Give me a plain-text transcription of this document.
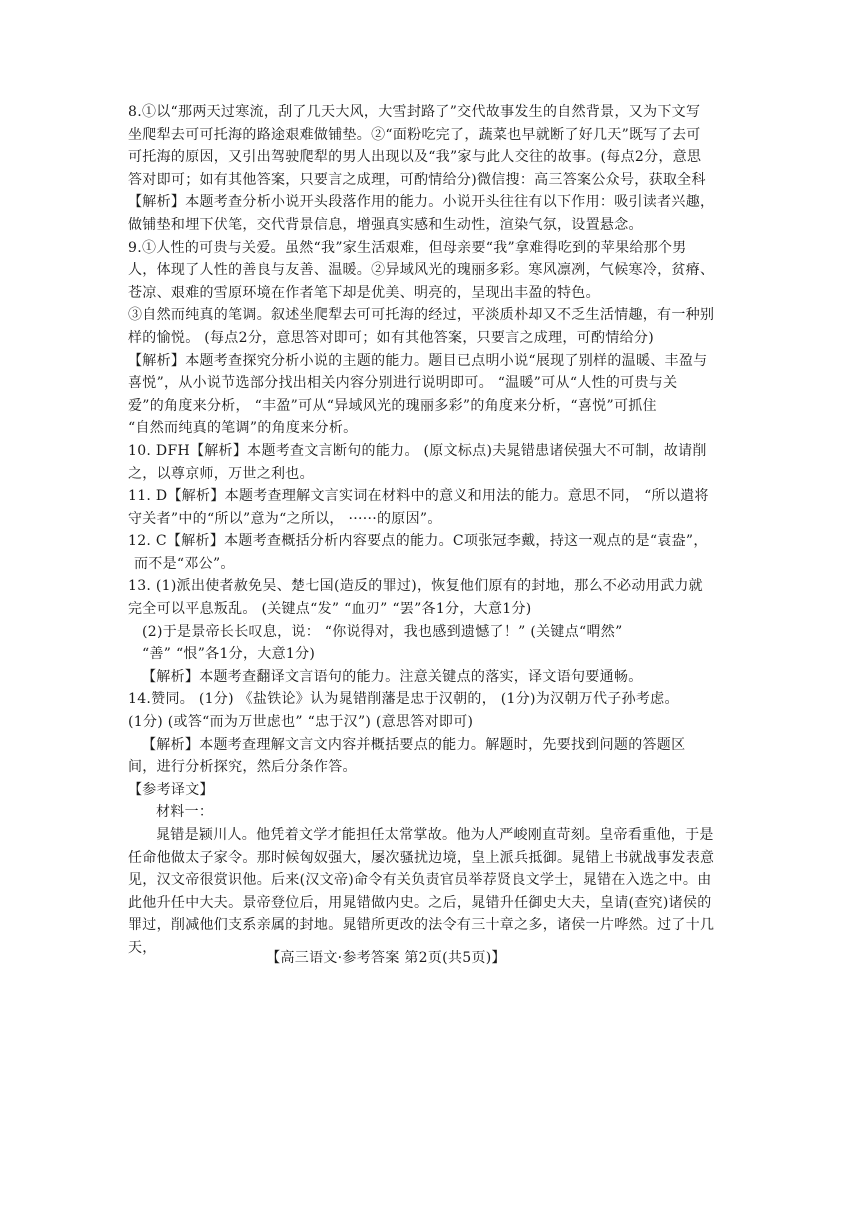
8.①以“那两天过寒流，刮了几天大风，大雪封路了”交代故事发生的自然背景，又为下文写
坐爬犁去可可托海的路途艰难做铺垫。②“面粉吃完了，蔬菜也早就断了好几天”既写了去可
可托海的原因，又引出驾驶爬犁的男人出现以及“我”家与此人交往的故事。(每点2分，意思
答对即可；如有其他答案，只要言之成理，可酌情给分)微信搜：高三答案公众号，获取全科
【解析】本题考查分析小说开头段落作用的能力。小说开头往往有以下作用：吸引读者兴趣，
做铺垫和埋下伏笔，交代背景信息，增强真实感和生动性，渲染气氛，设置悬念。
9.①人性的可贵与关爱。虽然“我”家生活艰难，但母亲要“我”拿难得吃到的苹果给那个男
人，体现了人性的善良与友善、温暖。②异域风光的瑰丽多彩。寒风凛冽，气候寒冷，贫瘠、
苍凉、艰难的雪原环境在作者笔下却是优美、明亮的，呈现出丰盈的特色。
③自然而纯真的笔调。叙述坐爬犁去可可托海的经过，平淡质朴却又不乏生活情趣，有一种别
样的愉悦。 (每点2分，意思答对即可；如有其他答案，只要言之成理，可酌情给分)
【解析】本题考查探究分析小说的主题的能力。题目已点明小说“展现了别样的温暖、丰盈与
喜悦”，从小说节选部分找出相关内容分别进行说明即可。 “温暖”可从“人性的可贵与关
爱”的角度来分析， “丰盈”可从“异域风光的瑰丽多彩”的角度来分析，“喜悦”可抓住
“自然而纯真的笔调”的角度来分析。
10. DFH【解析】本题考查文言断句的能力。 (原文标点)夫晁错患诸侯强大不可制，故请削
之，以尊京师，万世之利也。
11. D【解析】本题考查理解文言实词在材料中的意义和用法的能力。意思不同， “所以遣将
守关者”中的“所以”意为“之所以， ······的原因”。
12. C【解析】本题考查概括分析内容要点的能力。C项张冠李戴，持这一观点的是“袁盎”，
而不是“邓公”。
13. (1)派出使者赦免吴、楚七国(造反的罪过)，恢复他们原有的封地，那么不必动用武力就
完全可以平息叛乱。 (关键点“发” “血刃” “罢”各1分，大意1分)
(2)于是景帝长长叹息，说： “你说得对，我也感到遗憾了！” (关键点“喟然”
“善” “恨”各1分，大意1分)
【解析】本题考查翻译文言语句的能力。注意关键点的落实，译文语句要通畅。
14.赞同。 (1分) 《盐铁论》认为晁错削藩是忠于汉朝的， (1分)为汉朝万代子孙考虑。
(1分) (或答“而为万世虑也” “忠于汉”) (意思答对即可)
【解析】本题考查理解文言文内容并概括要点的能力。解题时，先要找到问题的答题区
间，进行分析探究，然后分条作答。
【参考译文】
材料一：
晁错是颍川人。他凭着文学才能担任太常掌故。他为人严峻刚直苛刻。皇帝看重他，于是
任命他做太子家令。那时候匈奴强大，屡次骚扰边境，皇上派兵抵御。晁错上书就战事发表意
见，汉文帝很赏识他。后来(汉文帝)命令有关负责官员举荐贤良文学士，晁错在入选之中。由
此他升任中大夫。景帝登位后，用晁错做内史。之后，晁错升任御史大夫，皇请(查究)诸侯的
罪过，削减他们支系亲属的封地。晁错所更改的法令有三十章之多，诸侯一片哗然。过了十几
天，
【高三语文·参考答案 第2页(共5页)】
